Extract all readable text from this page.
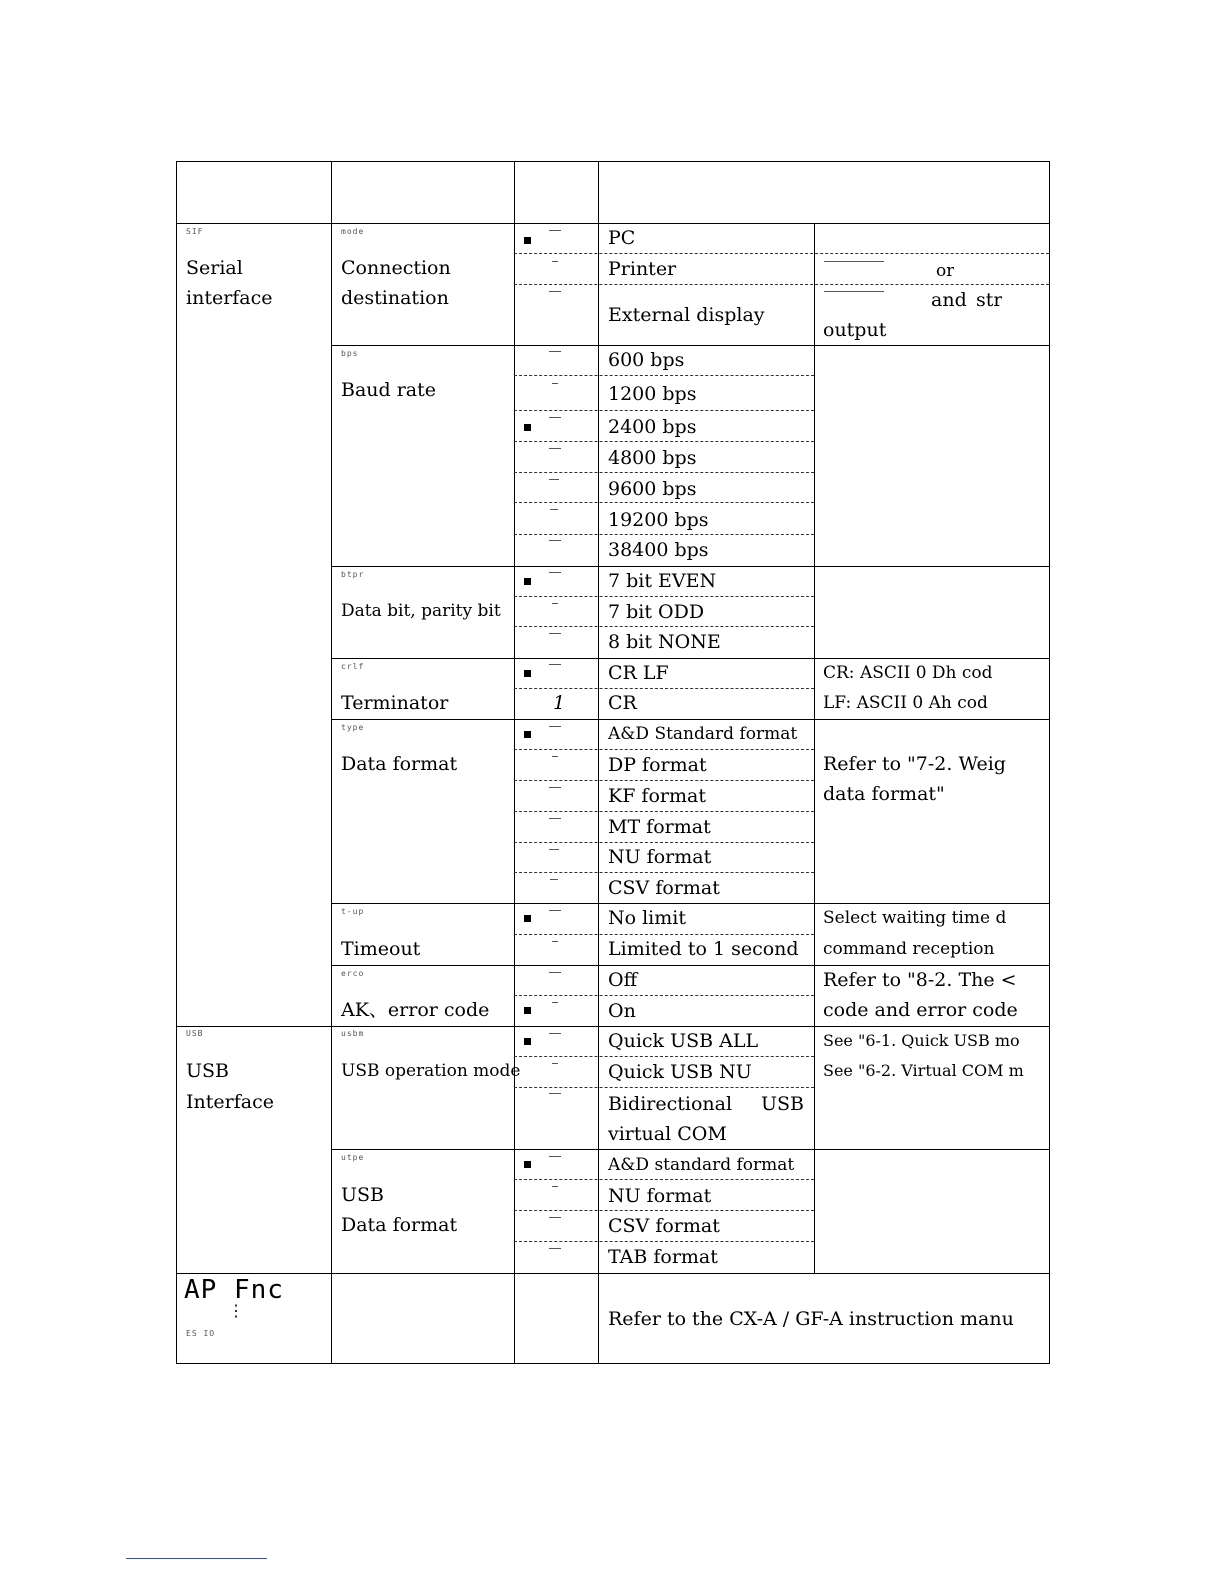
SIF
Serial
interface
USB
USB
Interface
AP Fnc
⋮
ES IO
mode
Connection
destination
bps
Baud rate
btpr
Data bit, parity bit
crlf
Terminator
type
Data format
t-up
Timeout
erco
AK、error code
usbm
USB operation mode
utpe
USB
Data format
1
PC
Printer
External display
600 bps
1200 bps
2400 bps
4800 bps
9600 bps
19200 bps
38400 bps
7 bit EVEN
7 bit ODD
8 bit NONE
CR LF
CR
A&D Standard format
DP format
KF format
MT format
NU format
CSV format
No limit
Limited to 1 second
Off
On
Quick USB ALL
Quick USB NU
Bidirectional USB
virtual COM
A&D standard format
NU format
CSV format
TAB format
or
and str
output
CR: ASCII 0 Dh cod
LF: ASCII 0 Ah cod
Refer to "7-2. Weig
data format"
Select waiting time d
command reception
Refer to "8-2. The <
code and error code
See "6-1. Quick USB mo
See "6-2. Virtual COM m
Refer to the CX-A / GF-A instruction manu
